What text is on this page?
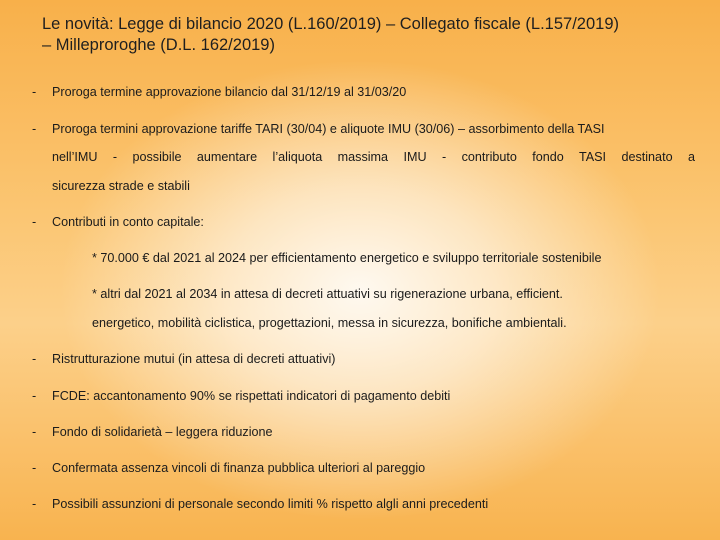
Le novità: Legge di bilancio 2020 (L.160/2019) – Collegato fiscale (L.157/2019)
– Milleproroghe (D.L. 162/2019)
- Proroga termine approvazione bilancio dal 31/12/19 al 31/03/20
- Proroga termini approvazione tariffe TARI (30/04) e aliquote IMU (30/06) – assorbimento della TASI
nell’IMU - possibile aumentare l’aliquota massima IMU - contributo fondo TASI destinato a
sicurezza strade e stabili
- Contributi in conto capitale:
* 70.000 € dal 2021 al 2024 per efficientamento energetico e sviluppo territoriale sostenibile
* altri dal 2021 al 2034 in attesa di decreti attuativi su rigenerazione urbana, efficient.
energetico, mobilità ciclistica, progettazioni, messa in sicurezza, bonifiche ambientali.
- Ristrutturazione mutui (in attesa di decreti attuativi)
- FCDE: accantonamento 90% se rispettati indicatori di pagamento debiti
- Fondo di solidarietà – leggera riduzione
- Confermata assenza vincoli di finanza pubblica ulteriori al pareggio
- Possibili assunzioni di personale secondo limiti % rispetto algli anni precedenti
